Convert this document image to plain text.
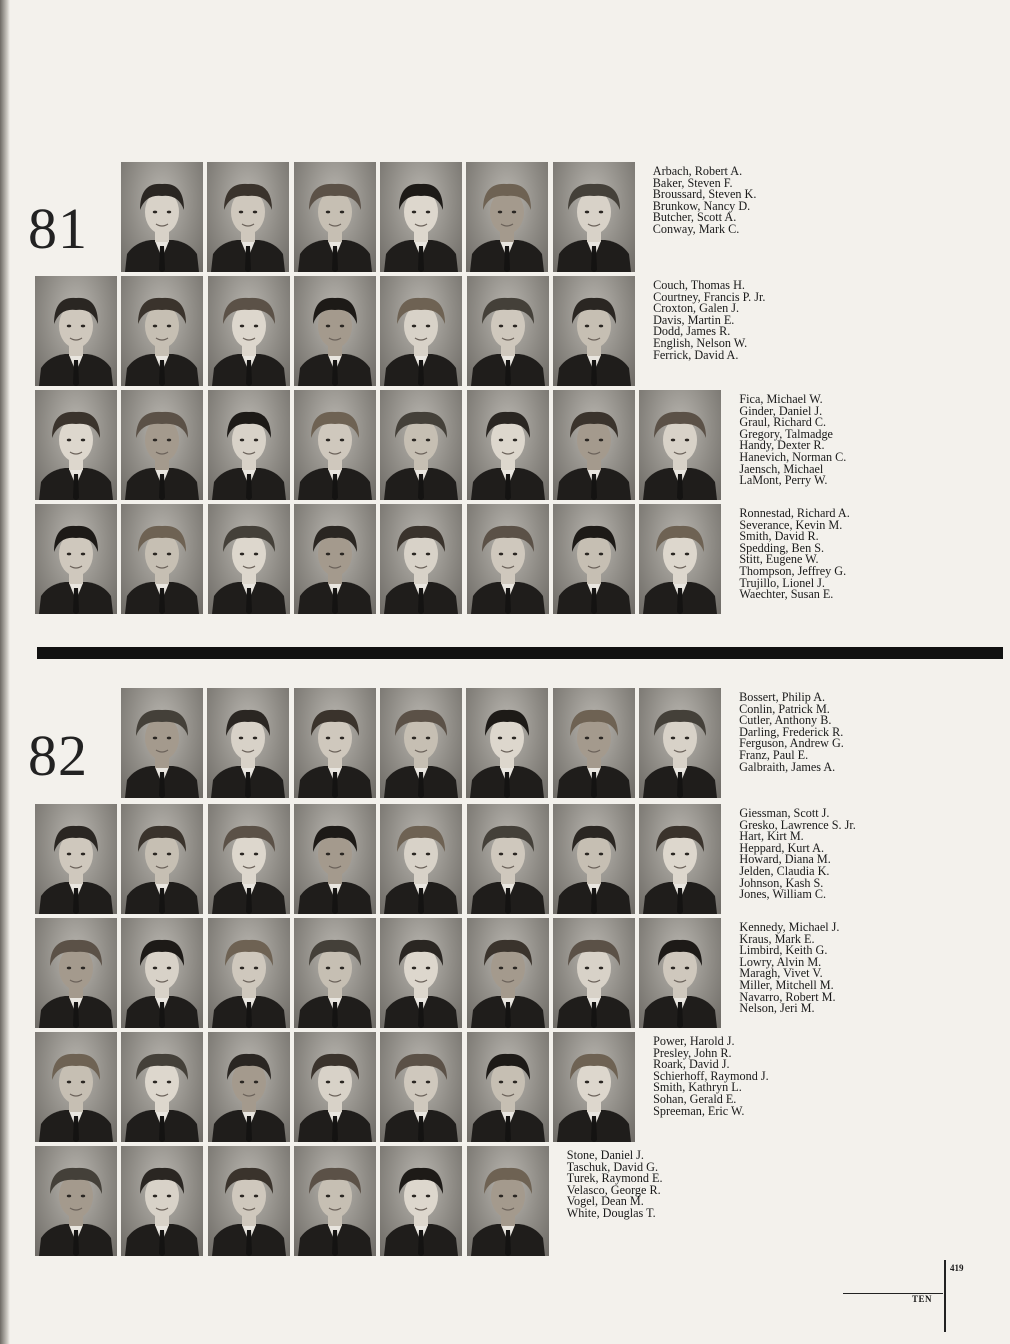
81
Arbach, Robert A.
Baker, Steven F.
Broussard, Steven K.
Brunkow, Nancy D.
Butcher, Scott A.
Conway, Mark C.
Couch, Thomas H.
Courtney, Francis P. Jr.
Croxton, Galen J.
Davis, Martin E.
Dodd, James R.
English, Nelson W.
Ferrick, David A.
Fica, Michael W.
Ginder, Daniel J.
Graul, Richard C.
Gregory, Talmadge
Handy, Dexter R.
Hanevich, Norman C.
Jaensch, Michael
LaMont, Perry W.
Ronnestad, Richard A.
Severance, Kevin M.
Smith, David R.
Spedding, Ben S.
Stitt, Eugene W.
Thompson, Jeffrey G.
Trujillo, Lionel J.
Waechter, Susan E.
82
Bossert, Philip A.
Conlin, Patrick M.
Cutler, Anthony B.
Darling, Frederick R.
Ferguson, Andrew G.
Franz, Paul E.
Galbraith, James A.
Giessman, Scott J.
Gresko, Lawrence S. Jr.
Hart, Kirt M.
Heppard, Kurt A.
Howard, Diana M.
Jelden, Claudia K.
Johnson, Kash S.
Jones, William C.
Kennedy, Michael J.
Kraus, Mark E.
Limbird, Keith G.
Lowry, Alvin M.
Maragh, Vivet V.
Miller, Mitchell M.
Navarro, Robert M.
Nelson, Jeri M.
Power, Harold J.
Presley, John R.
Roark, David J.
Schierhoff, Raymond J.
Smith, Kathryn L.
Sohan, Gerald E.
Spreeman, Eric W.
Stone, Daniel J.
Taschuk, David G.
Turek, Raymond E.
Velasco, George R.
Vogel, Dean M.
White, Douglas T.
419
TEN
